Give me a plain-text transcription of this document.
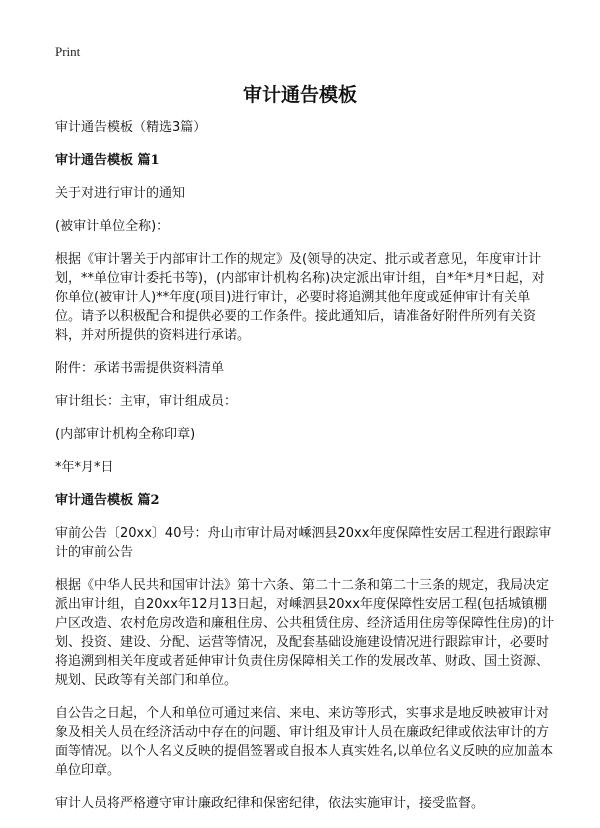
Print
审计通告模板

审计通告模板（精选3篇）

审计通告模板 篇1

关于对进行审计的通知

(被审计单位全称)：

根据《审计署关于内部审计工作的规定》及(领导的决定、批示或者意见，年度审计计划，**单位审计委托书等)，(内部审计机构名称)决定派出审计组，自*年*月*日起，对你单位(被审计人)**年度(项目)进行审计，必要时将追溯其他年度或延伸审计有关单位。请予以积极配合和提供必要的工作条件。接此通知后，请准备好附件所列有关资料，并对所提供的资料进行承诺。

附件：承诺书需提供资料清单

审计组长：主审，审计组成员：

(内部审计机构全称印章)

*年*月*日

审计通告模板 篇2

审前公告〔20xx〕40号：舟山市审计局对嵊泗县20xx年度保障性安居工程进行跟踪审计的审前公告

根据《中华人民共和国审计法》第十六条、第二十二条和第二十三条的规定，我局决定派出审计组，自20xx年12月13日起，对嵊泗县20xx年度保障性安居工程(包括城镇棚户区改造、农村危房改造和廉租住房、公共租赁住房、经济适用住房等保障性住房)的计划、投资、建设、分配、运营等情况，及配套基础设施建设情况进行跟踪审计，必要时将追溯到相关年度或者延伸审计负责住房保障相关工作的发展改革、财政、国土资源、规划、民政等有关部门和单位。

自公告之日起，个人和单位可通过来信、来电、来访等形式，实事求是地反映被审计对象及相关人员在经济活动中存在的问题、审计组及审计人员在廉政纪律或依法审计的方面等情况。以个人名义反映的提倡签署或自报本人真实姓名,以单位名义反映的应加盖本单位印章。

审计人员将严格遵守审计廉政纪律和保密纪律，依法实施审计，接受监督。
